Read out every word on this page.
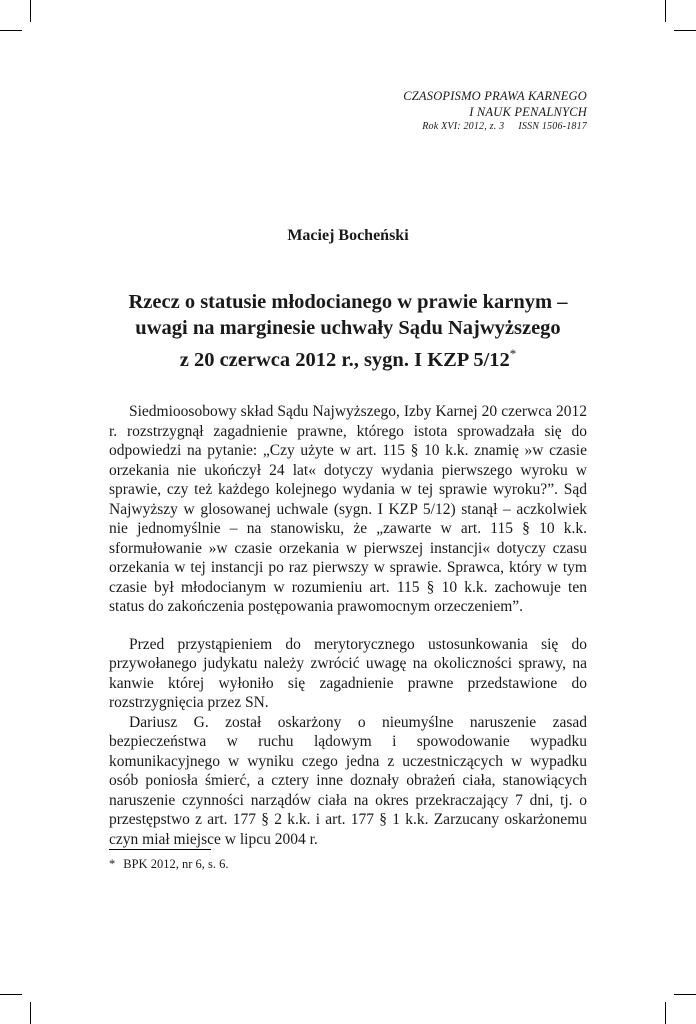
CZASOPISMO PRAWA KARNEGO
I NAUK PENALNYCH
Rok XVI: 2012, z. 3 ISSN 1506-1817
Maciej Bocheński
Rzecz o statusie młodocianego w prawie karnym –
uwagi na marginesie uchwały Sądu Najwyższego
z 20 czerwca 2012 r., sygn. I KZP 5/12*

Siedmioosobowy skład Sądu Najwyższego, Izby Karnej 20 czerwca 2012 r. rozstrzygnął zagadnienie prawne, którego istota sprowadzała się do odpowiedzi na pytanie: „Czy użyte w art. 115 § 10 k.k. znamię »w czasie orzekania nie ukończył 24 lat« dotyczy wydania pierwszego wyroku w sprawie, czy też każdego kolejnego wydania w tej sprawie wyroku?”. Sąd Najwyższy w glosowanej uchwale (sygn. I KZP 5/12) stanął – aczkolwiek nie jednomyślnie – na stanowisku, że „zawarte w art. 115 § 10 k.k. sformułowanie »w czasie orzekania w pierwszej instancji« dotyczy czasu orzekania w tej instancji po raz pierwszy w sprawie. Sprawca, który w tym czasie był młodocianym w rozumieniu art. 115 § 10 k.k. zachowuje ten status do zakończenia postępowania prawomocnym orzeczeniem”.

Przed przystąpieniem do merytorycznego ustosunkowania się do przywołanego judykatu należy zwrócić uwagę na okoliczności sprawy, na kanwie której wyłoniło się zagadnienie prawne przedstawione do rozstrzygnięcia przez SN.

Dariusz G. został oskarżony o nieumyślne naruszenie zasad bezpieczeństwa w ruchu lądowym i spowodowanie wypadku komunikacyjnego w wyniku czego jedna z uczestniczących w wypadku osób poniosła śmierć, a cztery inne doznały obrażeń ciała, stanowiących naruszenie czynności narządów ciała na okres przekraczający 7 dni, tj. o przestępstwo z art. 177 § 2 k.k. i art. 177 § 1 k.k. Zarzucany oskarżonemu czyn miał miejsce w lipcu 2004 r.

* BPK 2012, nr 6, s. 6.
